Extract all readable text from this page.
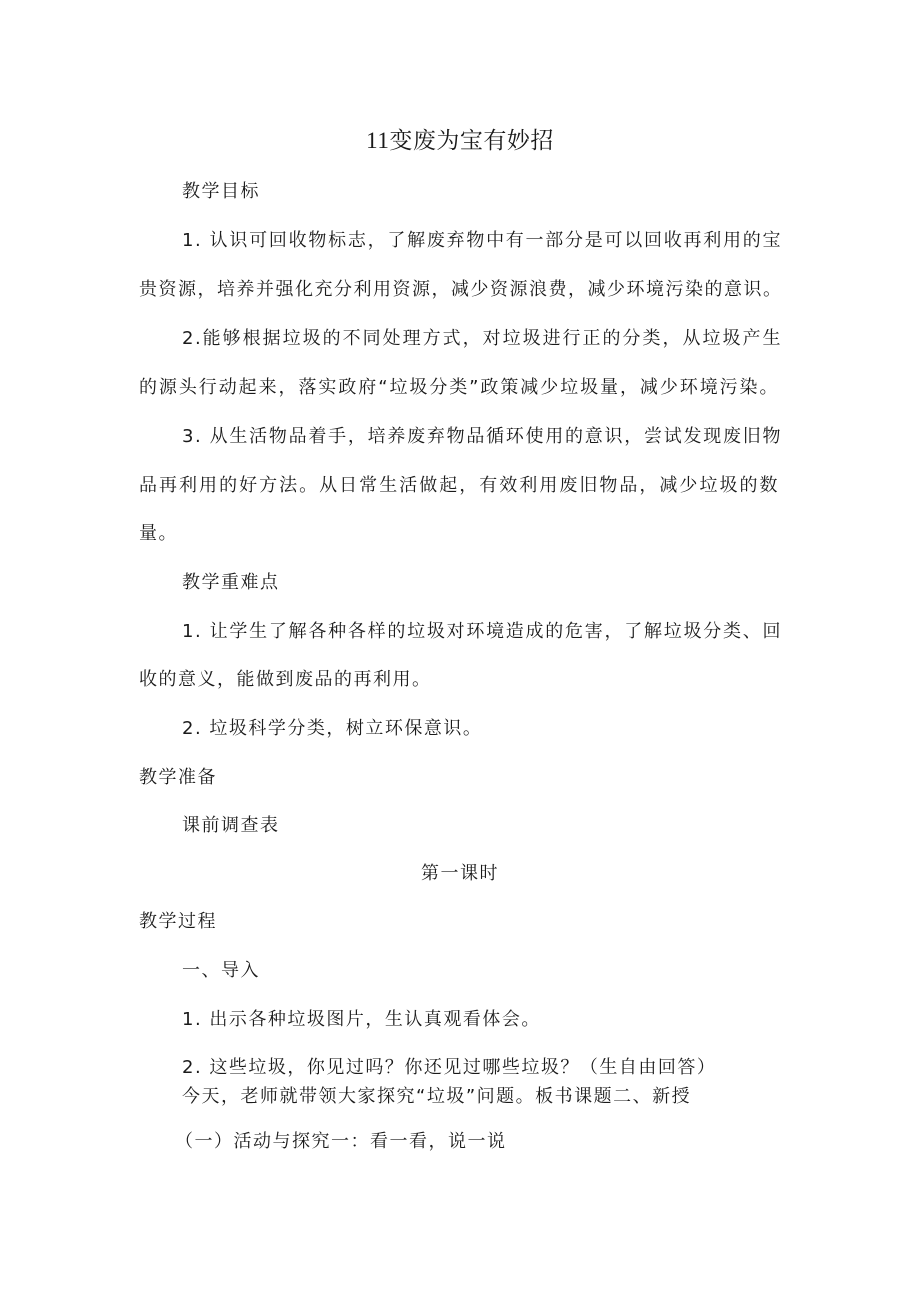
11变废为宝有妙招
教学目标
1. 认识可回收物标志，了解废弃物中有一部分是可以回收再利用的宝
贵资源，培养并强化充分利用资源，减少资源浪费，减少环境污染的意识。
2.能够根据垃圾的不同处理方式，对垃圾进行正的分类，从垃圾产生
的源头行动起来，落实政府“垃圾分类”政策减少垃圾量，减少环境污染。
3. 从生活物品着手，培养废弃物品循环使用的意识，尝试发现废旧物
品再利用的好方法。从日常生活做起，有效利用废旧物品，减少垃圾的数
量。
教学重难点
1. 让学生了解各种各样的垃圾对环境造成的危害，了解垃圾分类、回
收的意义，能做到废品的再利用。
2. 垃圾科学分类，树立环保意识。
教学准备
课前调查表
第一课时
教学过程
一、导入
1. 出示各种垃圾图片，生认真观看体会。
2. 这些垃圾，你见过吗？你还见过哪些垃圾？（生自由回答）
今天，老师就带领大家探究“垃圾”问题。板书课题二、新授
（一）活动与探究一：看一看，说一说
